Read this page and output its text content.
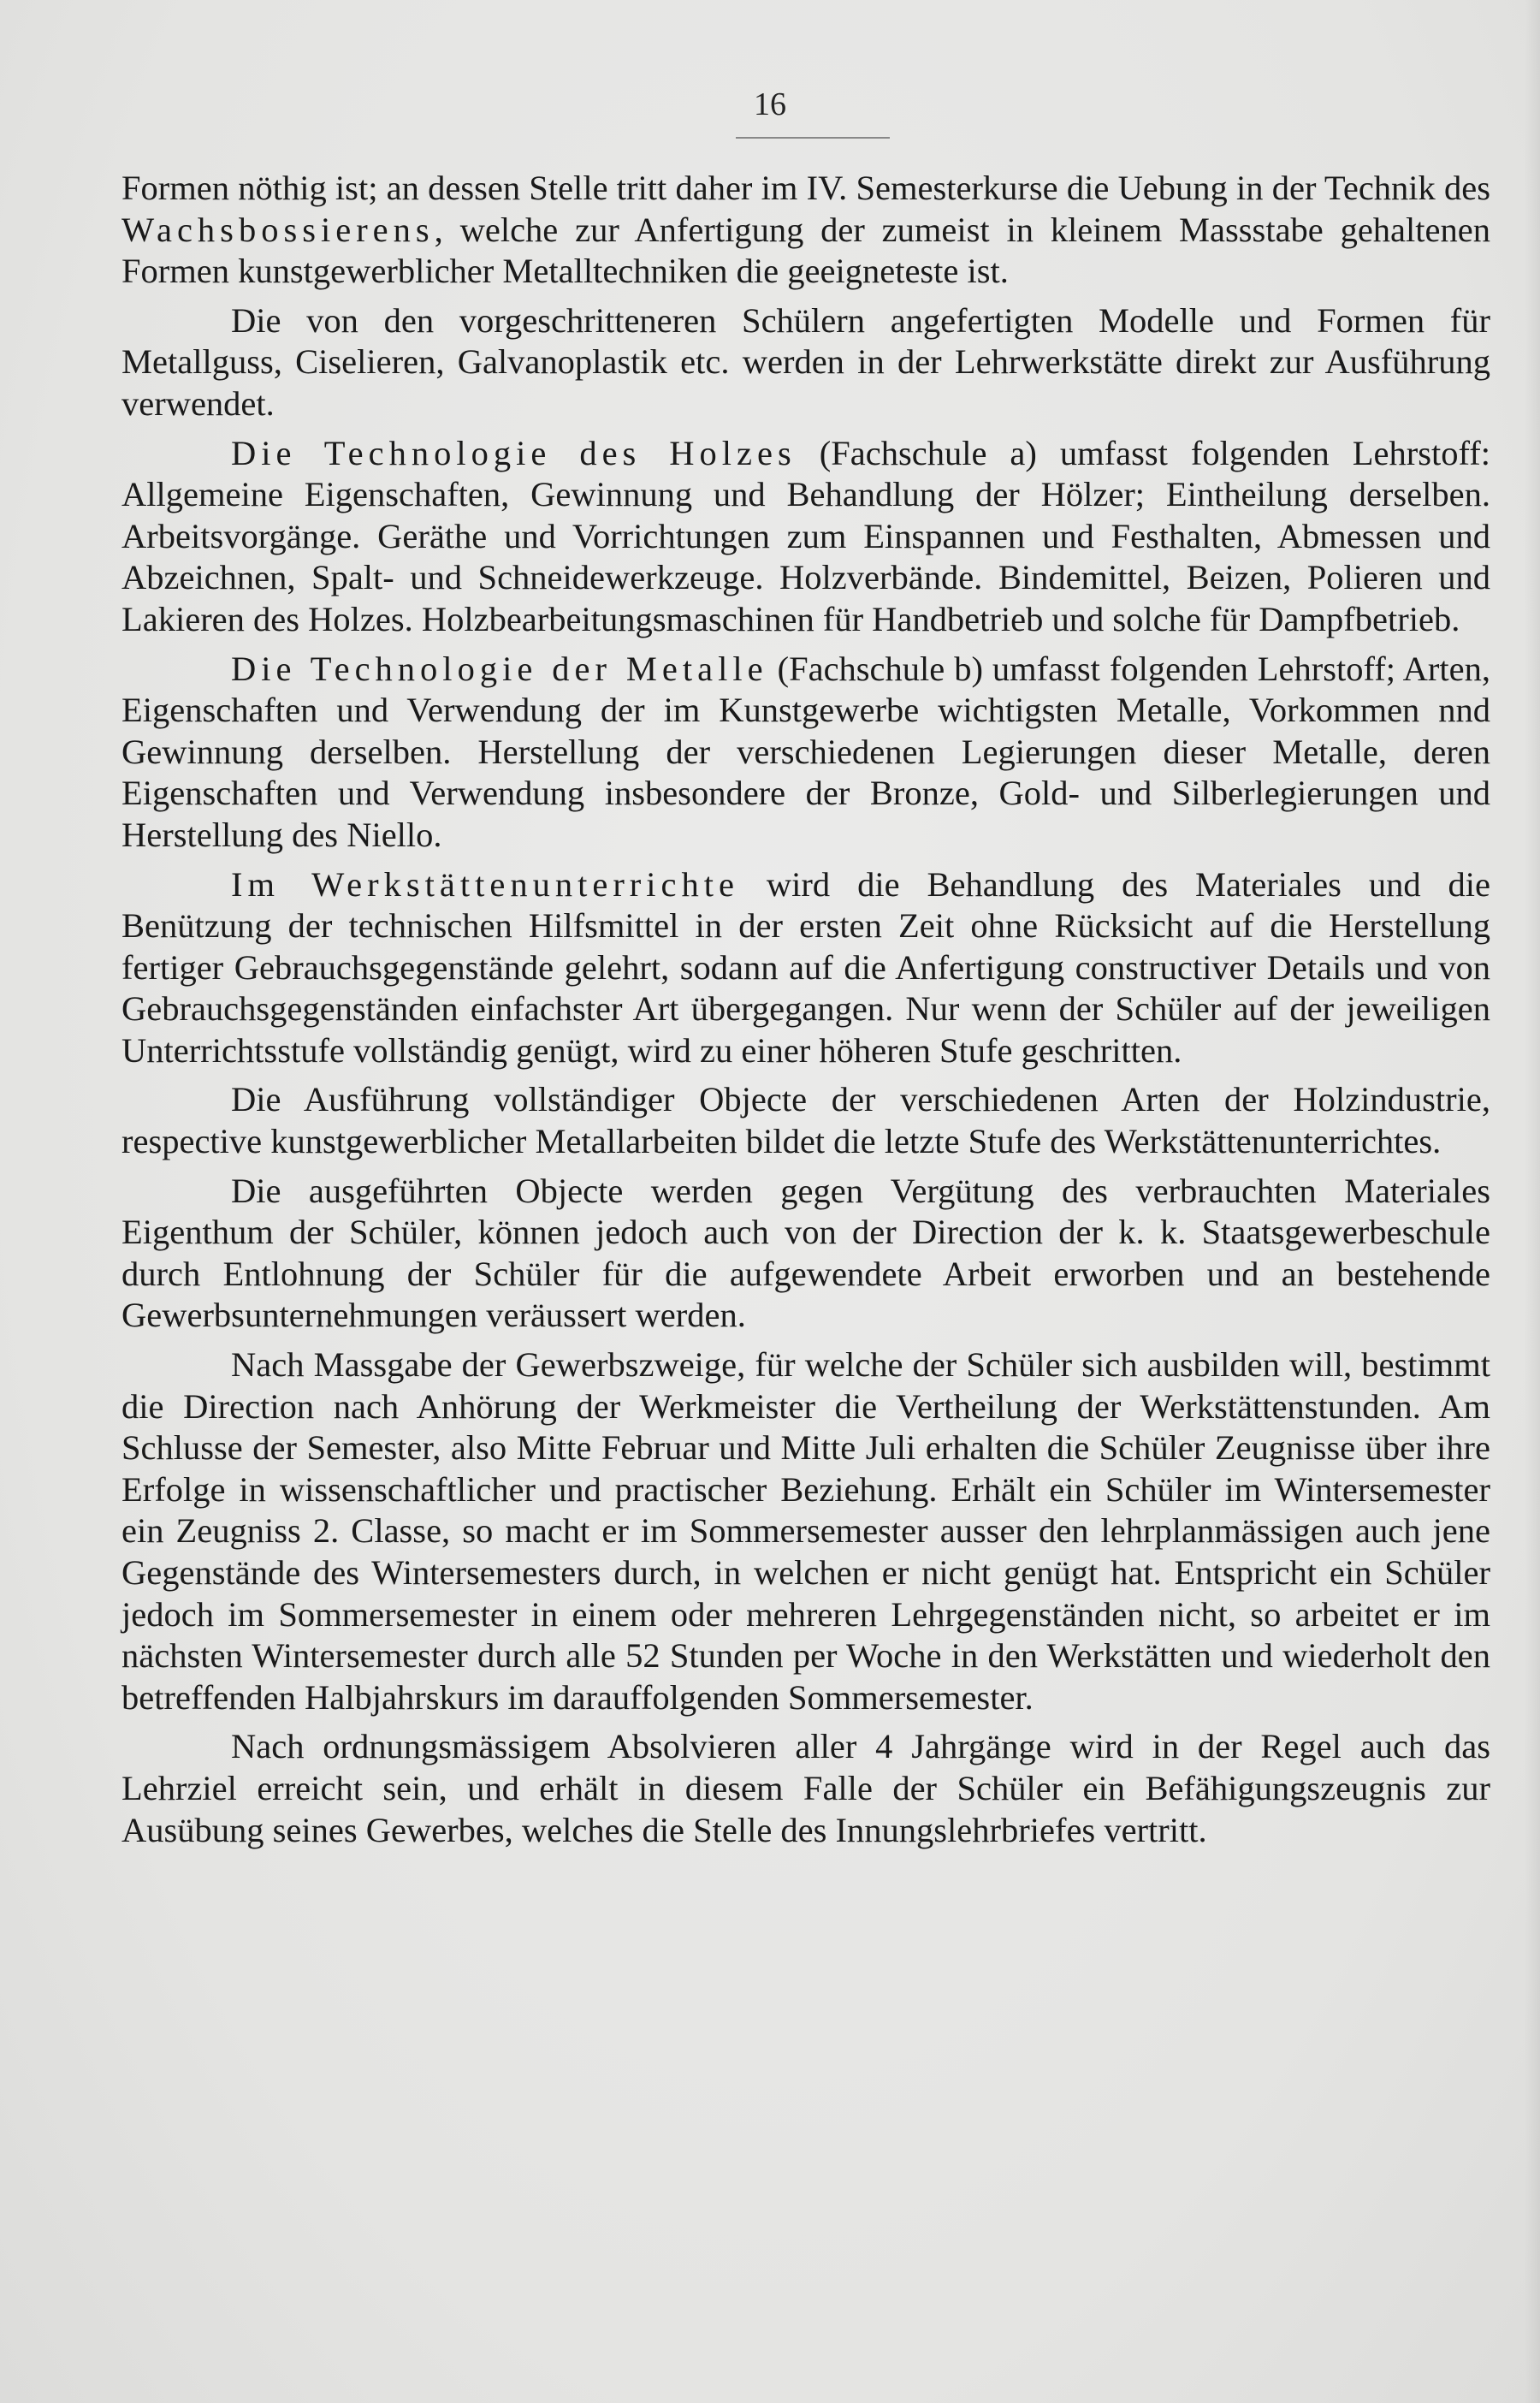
16

Formen nöthig ist; an dessen Stelle tritt daher im IV. Semesterkurse die Uebung in der Technik des Wachsbossierens, welche zur Anfertigung der zumeist in kleinem Massstabe gehaltenen Formen kunstgewerblicher Metalltechniken die geeigneteste ist.

Die von den vorgeschritteneren Schülern angefertigten Modelle und Formen für Metallguss, Ciselieren, Galvanoplastik etc. werden in der Lehrwerkstätte direkt zur Ausführung verwendet.

Die Technologie des Holzes (Fachschule a) umfasst folgenden Lehrstoff: Allgemeine Eigenschaften, Gewinnung und Behandlung der Hölzer; Eintheilung derselben. Arbeitsvorgänge. Geräthe und Vorrichtungen zum Einspannen und Festhalten, Abmessen und Abzeichnen, Spalt- und Schneidewerkzeuge. Holzverbände. Bindemittel, Beizen, Polieren und Lakieren des Holzes. Holzbearbeitungsmaschinen für Handbetrieb und solche für Dampfbetrieb.

Die Technologie der Metalle (Fachschule b) umfasst folgenden Lehrstoff; Arten, Eigenschaften und Verwendung der im Kunstgewerbe wichtigsten Metalle, Vorkommen nnd Gewinnung derselben. Herstellung der verschiedenen Legierungen dieser Metalle, deren Eigenschaften und Verwendung insbesondere der Bronze, Gold- und Silberlegierungen und Herstellung des Niello.

Im Werkstättenunterrichte wird die Behandlung des Materiales und die Benützung der technischen Hilfsmittel in der ersten Zeit ohne Rücksicht auf die Herstellung fertiger Gebrauchsgegenstände gelehrt, sodann auf die Anfertigung constructiver Details und von Gebrauchsgegenständen einfachster Art übergegangen. Nur wenn der Schüler auf der jeweiligen Unterrichtsstufe vollständig genügt, wird zu einer höheren Stufe geschritten.

Die Ausführung vollständiger Objecte der verschiedenen Arten der Holzindustrie, respective kunstgewerblicher Metallarbeiten bildet die letzte Stufe des Werkstättenunterrichtes.

Die ausgeführten Objecte werden gegen Vergütung des verbrauchten Materiales Eigenthum der Schüler, können jedoch auch von der Direction der k. k. Staatsgewerbeschule durch Entlohnung der Schüler für die aufgewendete Arbeit erworben und an bestehende Gewerbsunternehmungen veräussert werden.

Nach Massgabe der Gewerbszweige, für welche der Schüler sich ausbilden will, bestimmt die Direction nach Anhörung der Werkmeister die Vertheilung der Werkstättenstunden. Am Schlusse der Semester, also Mitte Februar und Mitte Juli erhalten die Schüler Zeugnisse über ihre Erfolge in wissenschaftlicher und practischer Beziehung. Erhält ein Schüler im Wintersemester ein Zeugniss 2. Classe, so macht er im Sommersemester ausser den lehrplanmässigen auch jene Gegenstände des Wintersemesters durch, in welchen er nicht genügt hat. Entspricht ein Schüler jedoch im Sommersemester in einem oder mehreren Lehrgegenständen nicht, so arbeitet er im nächsten Wintersemester durch alle 52 Stunden per Woche in den Werkstätten und wiederholt den betreffenden Halbjahrskurs im darauffolgenden Sommersemester.

Nach ordnungsmässigem Absolvieren aller 4 Jahrgänge wird in der Regel auch das Lehrziel erreicht sein, und erhält in diesem Falle der Schüler ein Befähigungszeugnis zur Ausübung seines Gewerbes, welches die Stelle des Innungslehrbriefes vertritt.
